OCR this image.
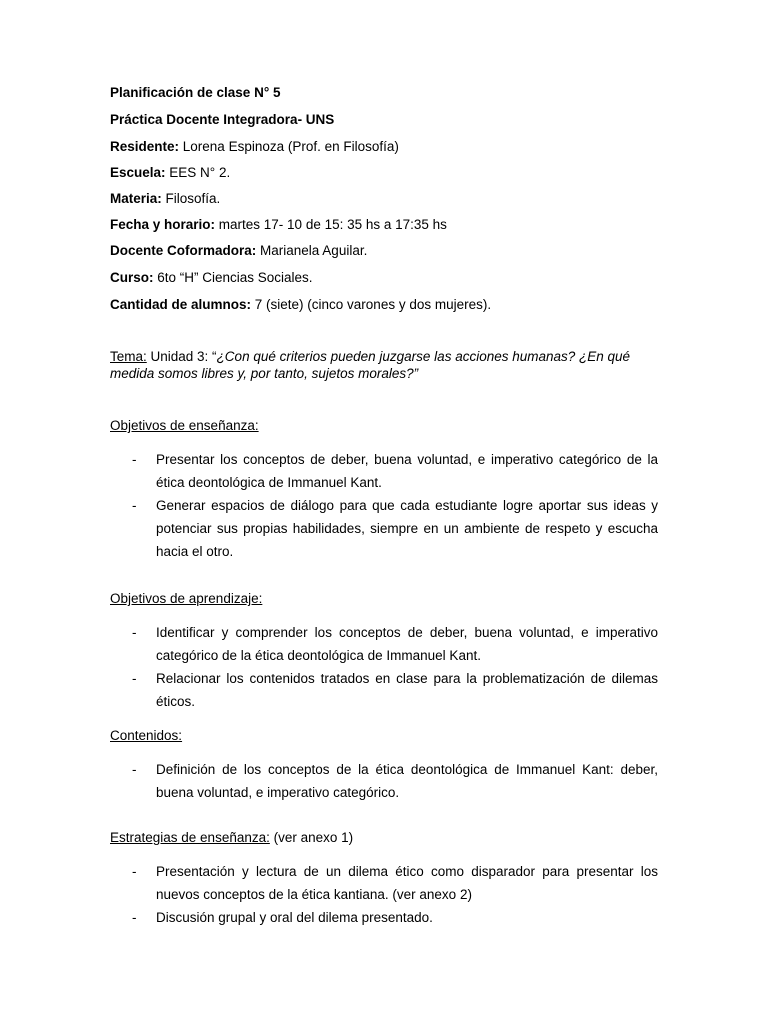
Planificación de clase N° 5
Práctica Docente Integradora- UNS
Residente: Lorena Espinoza (Prof. en Filosofía)
Escuela: EES N° 2.
Materia: Filosofía.
Fecha y horario: martes 17- 10 de 15: 35 hs a 17:35 hs
Docente Coformadora: Marianela Aguilar.
Curso: 6to “H” Ciencias Sociales.
Cantidad de alumnos: 7 (siete) (cinco varones y dos mujeres).
Tema: Unidad 3: “¿Con qué criterios pueden juzgarse las acciones humanas? ¿En qué medida somos libres y, por tanto, sujetos morales?”
Objetivos de enseñanza:
- Presentar los conceptos de deber, buena voluntad, e imperativo categórico de la ética deontológica de Immanuel Kant.
- Generar espacios de diálogo para que cada estudiante logre aportar sus ideas y potenciar sus propias habilidades, siempre en un ambiente de respeto y escucha hacia el otro.
Objetivos de aprendizaje:
- Identificar y comprender los conceptos de deber, buena voluntad, e imperativo categórico de la ética deontológica de Immanuel Kant.
- Relacionar los contenidos tratados en clase para la problematización de dilemas éticos.
Contenidos:
- Definición de los conceptos de la ética deontológica de Immanuel Kant: deber, buena voluntad, e imperativo categórico.
Estrategias de enseñanza: (ver anexo 1)
- Presentación y lectura de un dilema ético como disparador para presentar los nuevos conceptos de la ética kantiana. (ver anexo 2)
- Discusión grupal y oral del dilema presentado.
